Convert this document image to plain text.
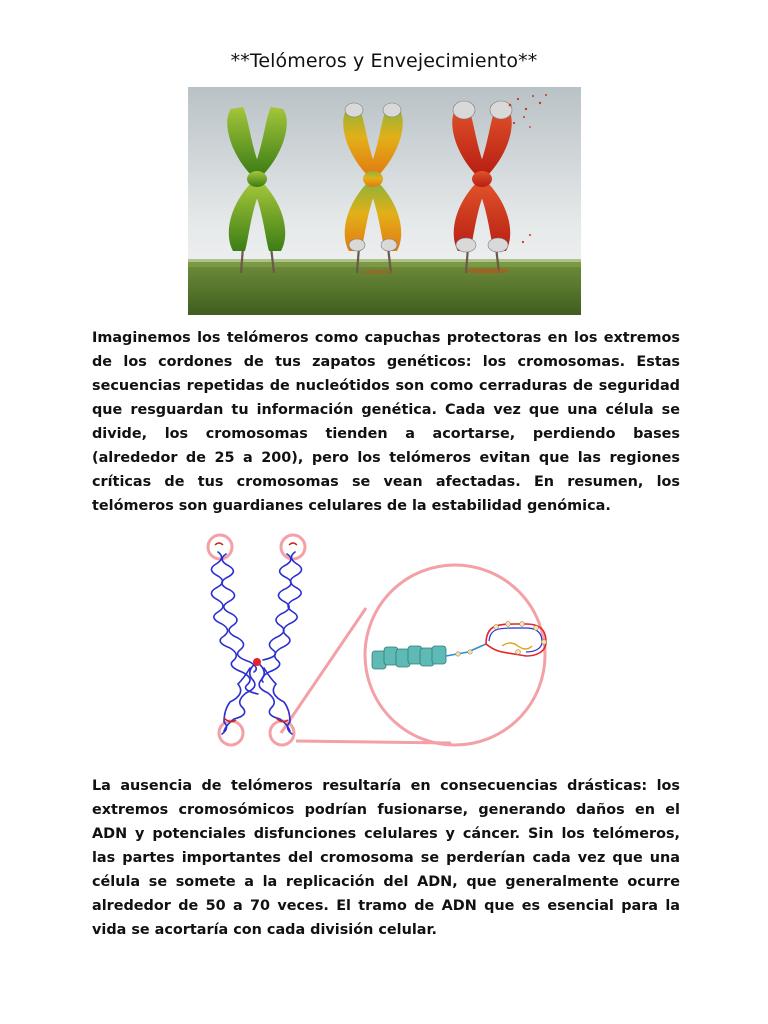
**Telómeros y Envejecimiento**

Imaginemos los telómeros como capuchas protectoras en los extremos de los cordones de tus zapatos genéticos: los cromosomas. Estas secuencias repetidas de nucleótidos son como cerraduras de seguridad que resguardan tu información genética. Cada vez que una célula se divide, los cromosomas tienden a acortarse, perdiendo bases (alrededor de 25 a 200), pero los telómeros evitan que las regiones críticas de tus cromosomas se vean afectadas. En resumen, los telómeros son guardianes celulares de la estabilidad genómica.

La ausencia de telómeros resultaría en consecuencias drásticas: los extremos cromosómicos podrían fusionarse, generando daños en el ADN y potenciales disfunciones celulares y cáncer. Sin los telómeros, las partes importantes del cromosoma se perderían cada vez que una célula se somete a la replicación del ADN, que generalmente ocurre alrededor de 50 a 70 veces. El tramo de ADN que es esencial para la vida se acortaría con cada división celular.
